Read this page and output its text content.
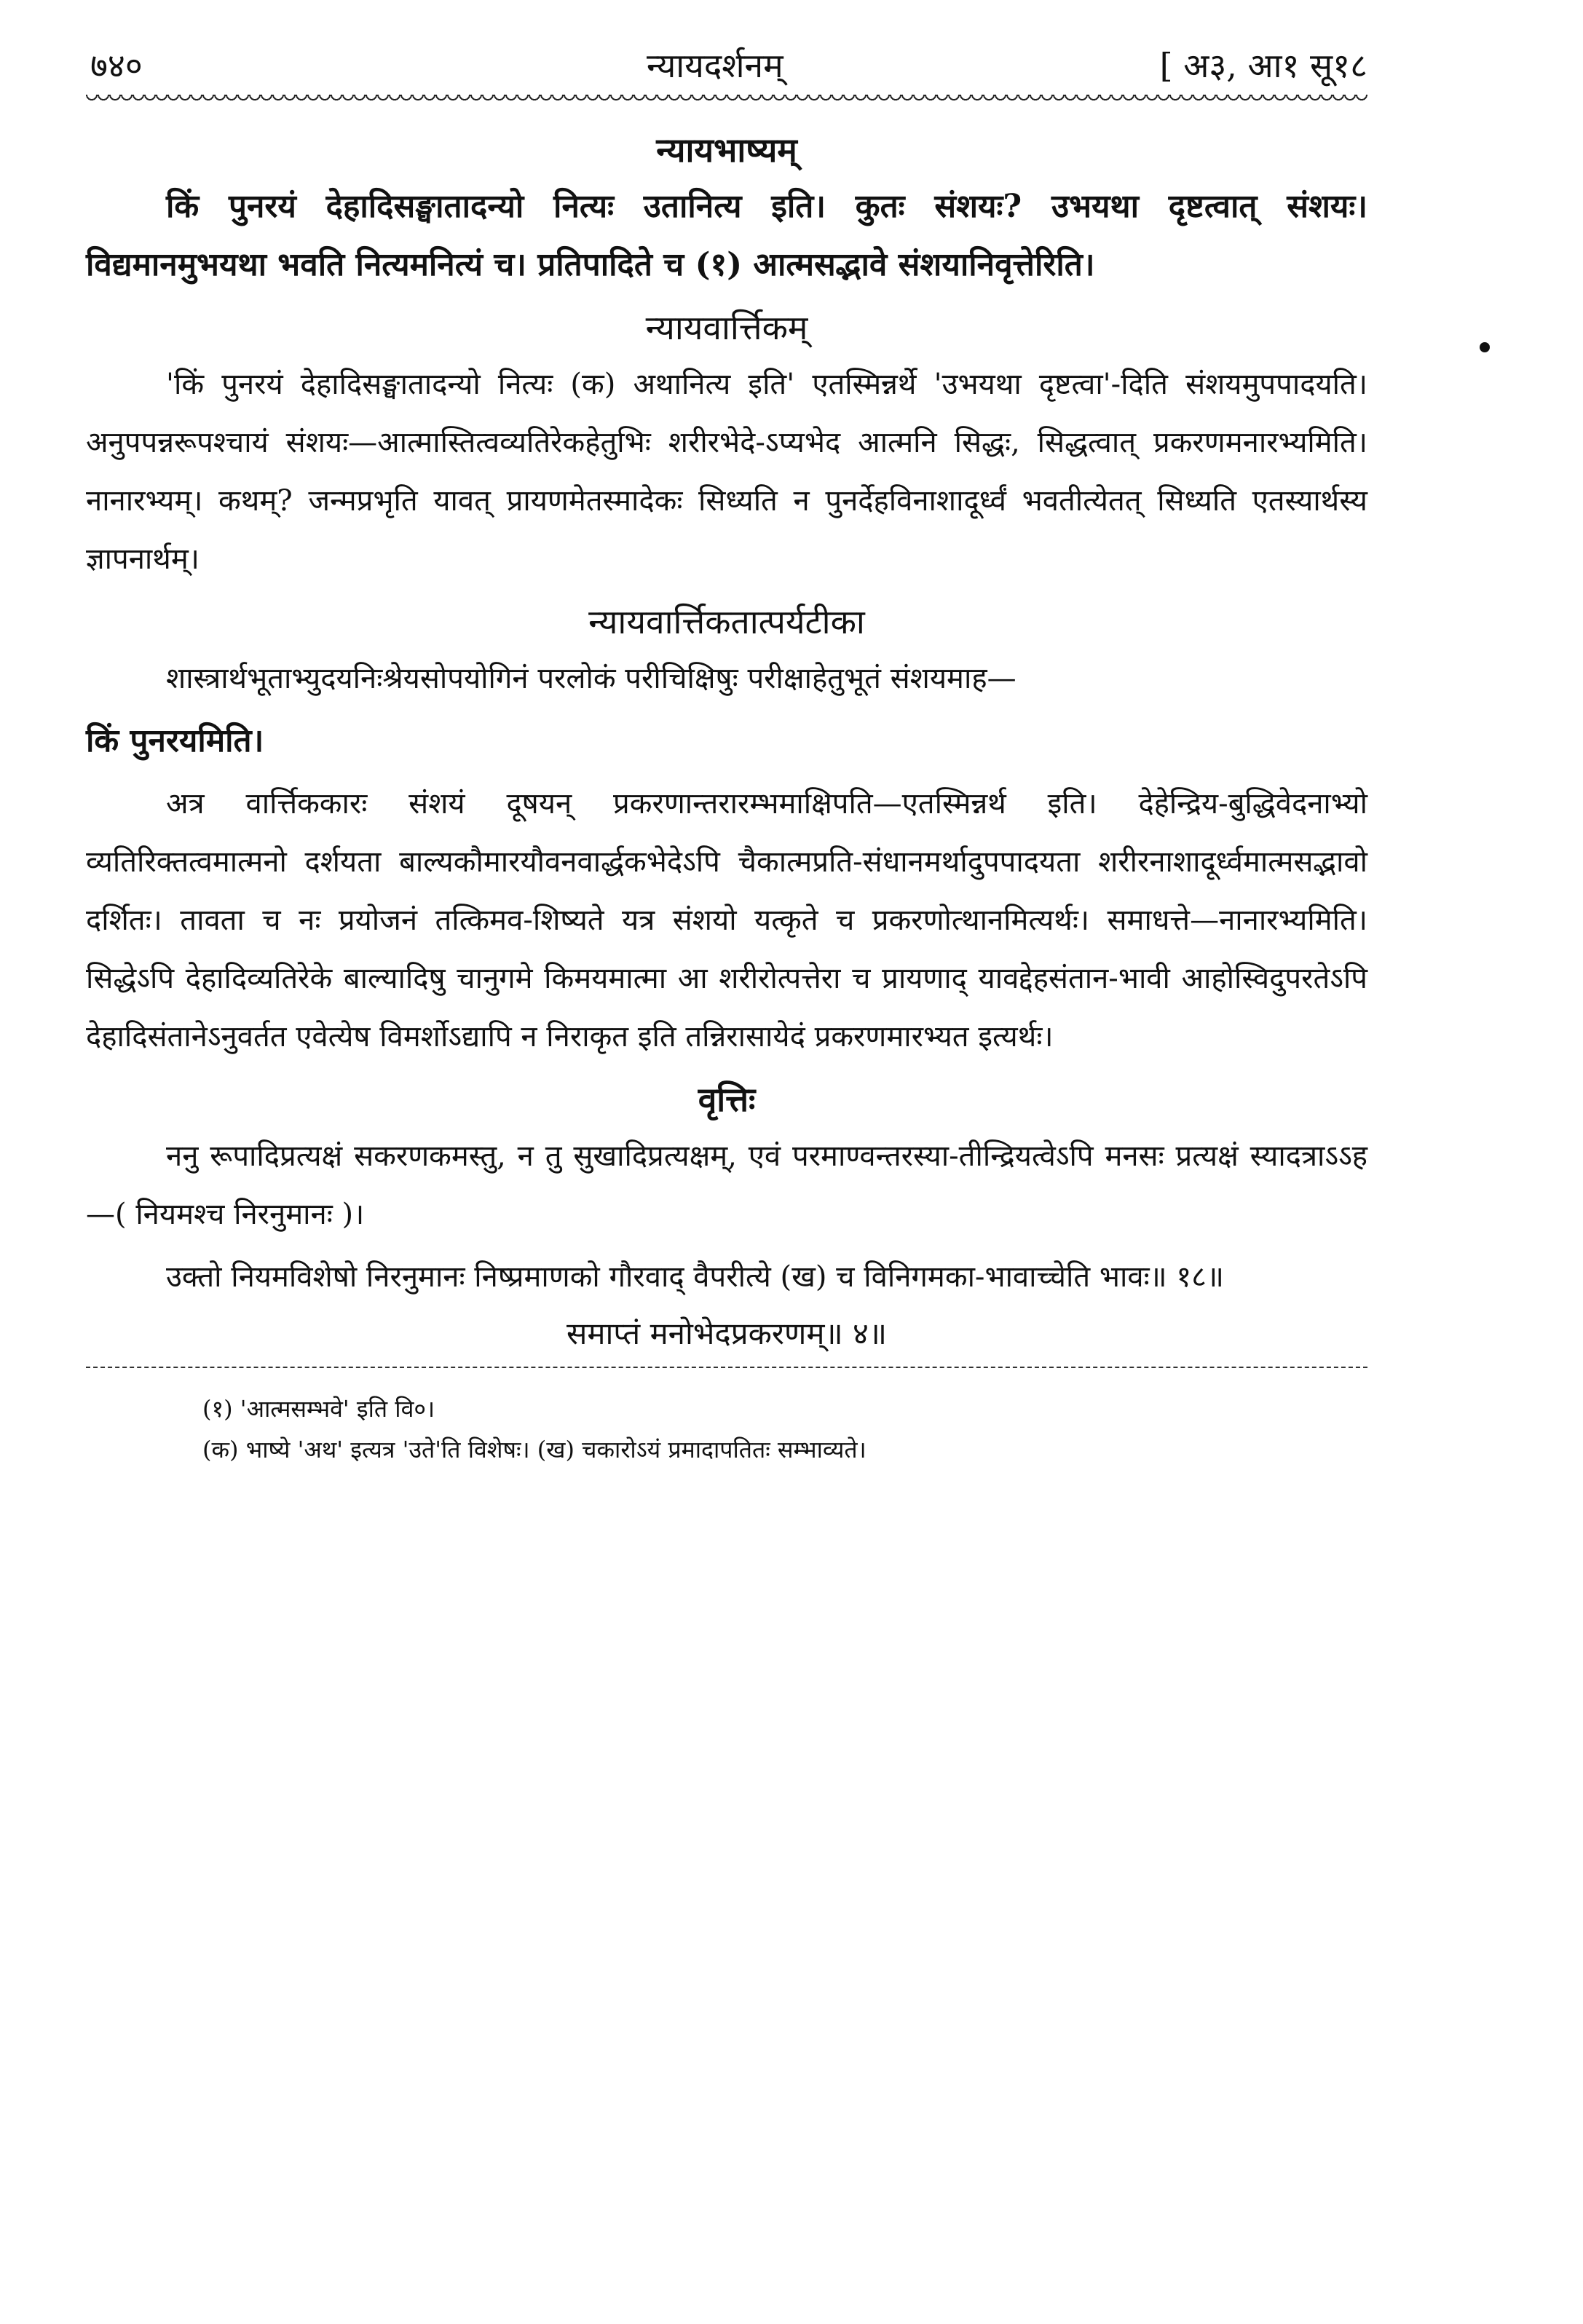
७४०	न्यायदर्शनम्	[ अ३, आ१ सू१८
न्यायभाष्यम्

किं पुनरयं देहादिसङ्घातादन्यो नित्यः उतानित्य इति। कुतः संशयः? उभयथा दृष्टत्वात् संशयः। विद्यमानमुभयथा भवति नित्यमनित्यं च। प्रतिपादिते च (१) आत्मसद्भावे संशयानिवृत्तेरिति।

न्यायवार्त्तिकम्

'किं पुनरयं देहादिसङ्घातादन्यो नित्यः (क) अथानित्य इति' एतस्मिन्नर्थे 'उभयथा दृष्टत्वा'-दिति संशयमुपपादयति। अनुपपन्नरूपश्चायं संशयः—आत्मास्तित्वव्यतिरेकहेतुभिः शरीरभेदे-ऽप्यभेद आत्मनि सिद्धः, सिद्धत्वात् प्रकरणमनारभ्यमिति। नानारभ्यम्। कथम्? जन्मप्रभृति यावत् प्रायणमेतस्मादेकः सिध्यति न पुनर्देहविनाशादूर्ध्वं भवतीत्येतत् सिध्यति एतस्यार्थस्य ज्ञापनार्थम्।

न्यायवार्त्तिकतात्पर्यटीका

शास्त्रार्थभूताभ्युदयनिःश्रेयसोपयोगिनं परलोकं परीचिक्षिषुः परीक्षाहेतुभूतं संशयमाह—

किं पुनरयमिति।

अत्र वार्त्तिककारः संशयं दूषयन् प्रकरणान्तरारम्भमाक्षिपति—एतस्मिन्नर्थ इति। देहेन्द्रिय-बुद्धिवेदनाभ्यो व्यतिरिक्तत्वमात्मनो दर्शयता बाल्यकौमारयौवनवार्द्धकभेदेऽपि चैकात्मप्रति-संधानमर्थादुपपादयता शरीरनाशादूर्ध्वमात्मसद्भावो दर्शितः। तावता च नः प्रयोजनं तत्किमव-शिष्यते यत्र संशयो यत्कृते च प्रकरणोत्थानमित्यर्थः। समाधत्ते—नानारभ्यमिति। सिद्धेऽपि देहादिव्यतिरेके बाल्यादिषु चानुगमे किमयमात्मा आ शरीरोत्पत्तेरा च प्रायणाद् यावद्देहसंतान-भावी आहोस्विदुपरतेऽपि देहादिसंतानेऽनुवर्तत एवेत्येष विमर्शोऽद्यापि न निराकृत इति तन्निरासायेदं प्रकरणमारभ्यत इत्यर्थः।

वृत्तिः

ननु रूपादिप्रत्यक्षं सकरणकमस्तु, न तु सुखादिप्रत्यक्षम्, एवं परमाण्वन्तरस्या-तीन्द्रियत्वेऽपि मनसः प्रत्यक्षं स्यादत्राऽऽह—( नियमश्च निरनुमानः )।

उक्तो नियमविशेषो निरनुमानः निष्प्रमाणको गौरवाद् वैपरीत्ये (ख) च विनिगमका-भावाच्चेति भावः॥ १८॥

समाप्तं मनोभेदप्रकरणम्॥ ४॥
(१) 'आत्मसम्भवे' इति वि०।
(क) भाष्ये 'अथ' इत्यत्र 'उते'ति विशेषः। (ख) चकारोऽयं प्रमादापतितः सम्भाव्यते।
